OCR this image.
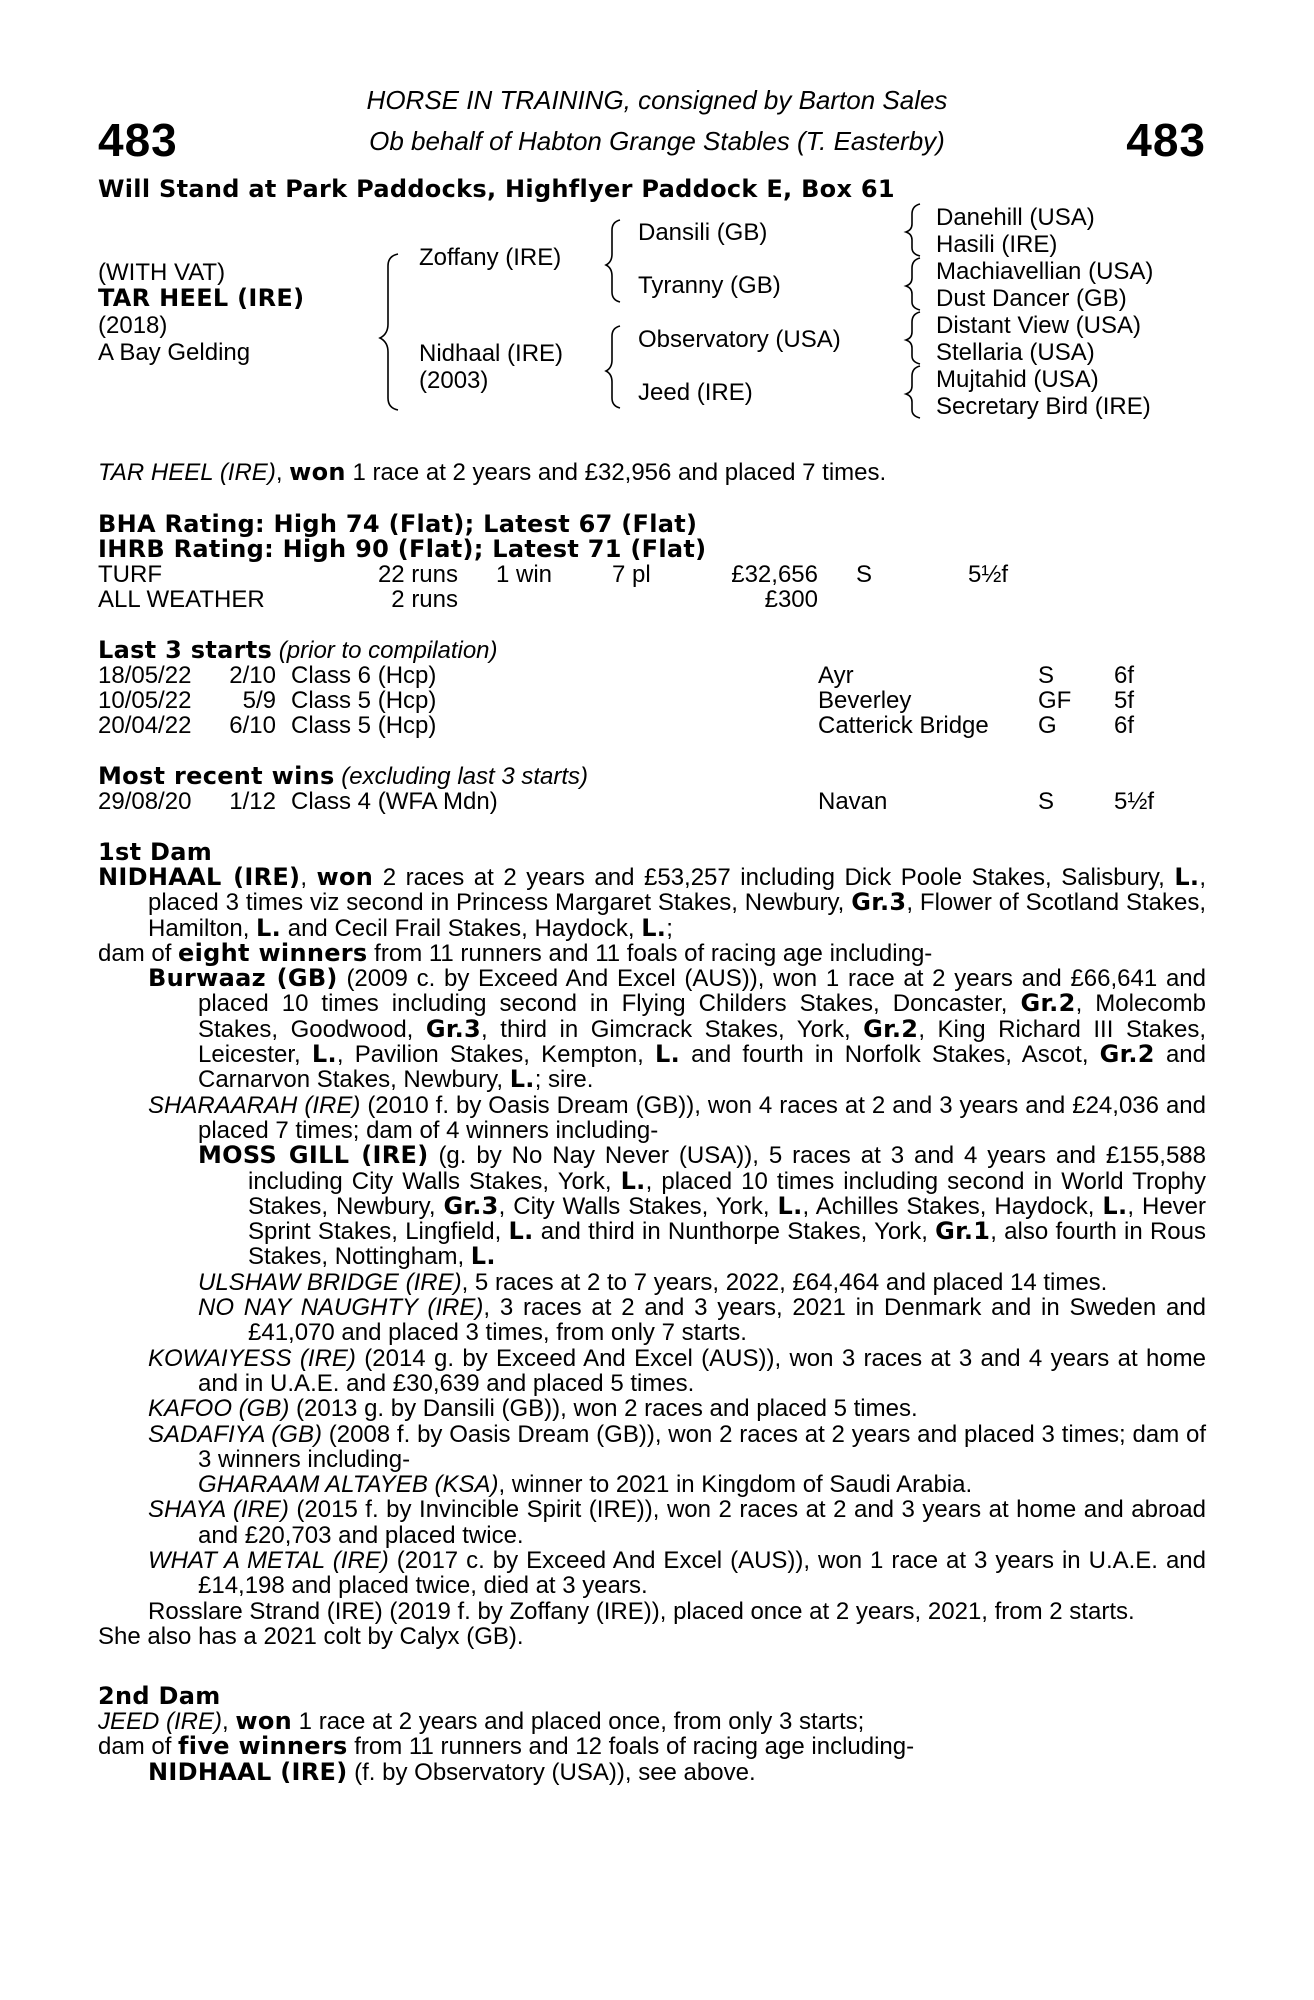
483	483
HORSE IN TRAINING, consigned by Barton Sales
Ob behalf of Habton Grange Stables (T. Easterby)
Will Stand at Park Paddocks, Highflyer Paddock E, Box 61
(WITH VAT)
TAR HEEL (IRE)
(2018)
A Bay Gelding
Zoffany (IRE)
Nidhaal (IRE)
(2003)
Dansili (GB)
Tyranny (GB)
Observatory (USA)
Jeed (IRE)
Danehill (USA)
Hasili (IRE)
Machiavellian (USA)
Dust Dancer (GB)
Distant View (USA)
Stellaria (USA)
Mujtahid (USA)
Secretary Bird (IRE)
TAR HEEL (IRE), won 1 race at 2 years and £32,956 and placed 7 times.
BHA Rating: High 74 (Flat); Latest 67 (Flat)
IHRB Rating: High 90 (Flat); Latest 71 (Flat)
TURF	22 runs 1 win 7 pl	£32,656 S	5½f
ALL WEATHER	2 runs	£300
Last 3 starts (prior to compilation)
18/05/22 2/10 Class 6 (Hcp)	Ayr	S 6f
10/05/22 5/9 Class 5 (Hcp)	Beverley	GF 5f
20/04/22 6/10 Class 5 (Hcp)	Catterick Bridge G 6f
Most recent wins (excluding last 3 starts)
29/08/20 1/12 Class 4 (WFA Mdn)	Navan	S 5½f
1st Dam

NIDHAAL (IRE), won 2 races at 2 years and £53,257 including Dick Poole Stakes, Salisbury, L., placed 3 times viz second in Princess Margaret Stakes, Newbury, Gr.3, Flower of Scotland Stakes, Hamilton, L. and Cecil Frail Stakes, Haydock, L.;

dam of eight winners from 11 runners and 11 foals of racing age including-

Burwaaz (GB) (2009 c. by Exceed And Excel (AUS)), won 1 race at 2 years and £66,641 and placed 10 times including second in Flying Childers Stakes, Doncaster, Gr.2, Molecomb Stakes, Goodwood, Gr.3, third in Gimcrack Stakes, York, Gr.2, King Richard III Stakes, Leicester, L., Pavilion Stakes, Kempton, L. and fourth in Norfolk Stakes, Ascot, Gr.2 and Carnarvon Stakes, Newbury, L.; sire.

SHARAARAH (IRE) (2010 f. by Oasis Dream (GB)), won 4 races at 2 and 3 years and £24,036 and placed 7 times; dam of 4 winners including-

MOSS GILL (IRE) (g. by No Nay Never (USA)), 5 races at 3 and 4 years and £155,588 including City Walls Stakes, York, L., placed 10 times including second in World Trophy Stakes, Newbury, Gr.3, City Walls Stakes, York, L., Achilles Stakes, Haydock, L., Hever Sprint Stakes, Lingfield, L. and third in Nunthorpe Stakes, York, Gr.1, also fourth in Rous Stakes, Nottingham, L.

ULSHAW BRIDGE (IRE), 5 races at 2 to 7 years, 2022, £64,464 and placed 14 times.

NO NAY NAUGHTY (IRE), 3 races at 2 and 3 years, 2021 in Denmark and in Sweden and £41,070 and placed 3 times, from only 7 starts.

KOWAIYESS (IRE) (2014 g. by Exceed And Excel (AUS)), won 3 races at 3 and 4 years at home and in U.A.E. and £30,639 and placed 5 times.

KAFOO (GB) (2013 g. by Dansili (GB)), won 2 races and placed 5 times.

SADAFIYA (GB) (2008 f. by Oasis Dream (GB)), won 2 races at 2 years and placed 3 times; dam of 3 winners including-

GHARAAM ALTAYEB (KSA), winner to 2021 in Kingdom of Saudi Arabia.

SHAYA (IRE) (2015 f. by Invincible Spirit (IRE)), won 2 races at 2 and 3 years at home and abroad and £20,703 and placed twice.

WHAT A METAL (IRE) (2017 c. by Exceed And Excel (AUS)), won 1 race at 3 years in U.A.E. and £14,198 and placed twice, died at 3 years.

Rosslare Strand (IRE) (2019 f. by Zoffany (IRE)), placed once at 2 years, 2021, from 2 starts.

She also has a 2021 colt by Calyx (GB).

2nd Dam

JEED (IRE), won 1 race at 2 years and placed once, from only 3 starts;

dam of five winners from 11 runners and 12 foals of racing age including-

NIDHAAL (IRE) (f. by Observatory (USA)), see above.
